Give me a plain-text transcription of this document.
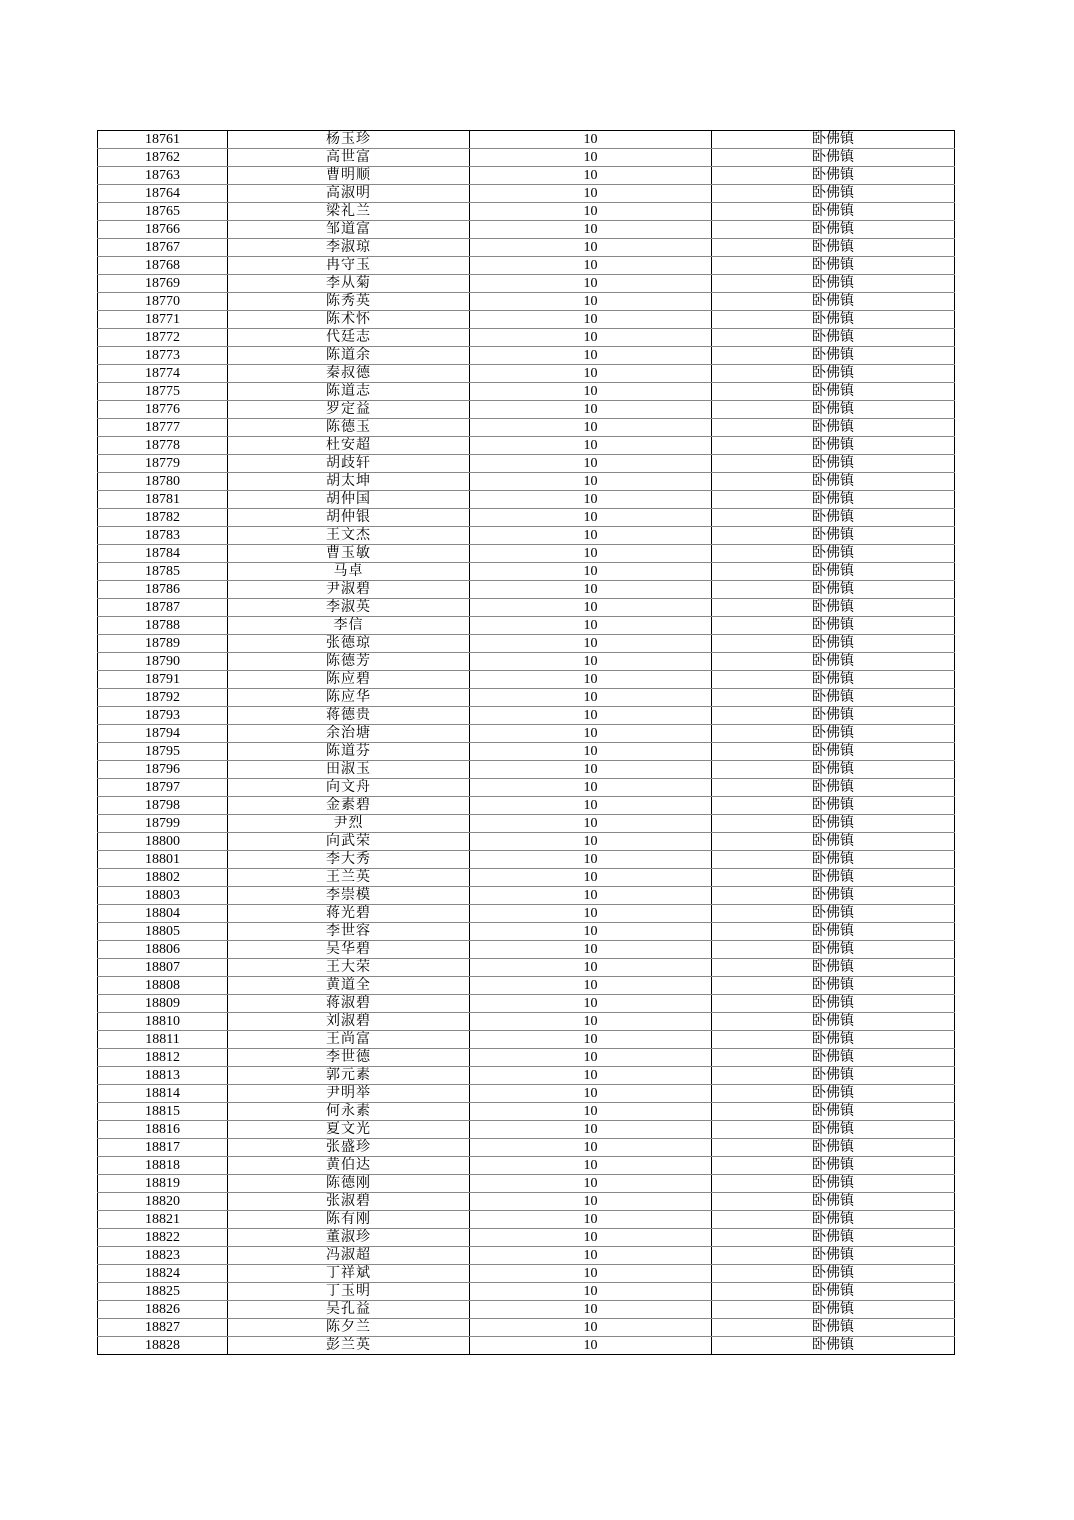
18761	杨玉珍	10	卧佛镇
18762	高世富	10	卧佛镇
18763	曹明顺	10	卧佛镇
18764	高淑明	10	卧佛镇
18765	梁礼兰	10	卧佛镇
18766	邹道富	10	卧佛镇
18767	李淑琼	10	卧佛镇
18768	冉守玉	10	卧佛镇
18769	李从菊	10	卧佛镇
18770	陈秀英	10	卧佛镇
18771	陈术怀	10	卧佛镇
18772	代廷志	10	卧佛镇
18773	陈道余	10	卧佛镇
18774	秦叔德	10	卧佛镇
18775	陈道志	10	卧佛镇
18776	罗定益	10	卧佛镇
18777	陈德玉	10	卧佛镇
18778	杜安超	10	卧佛镇
18779	胡歧轩	10	卧佛镇
18780	胡太坤	10	卧佛镇
18781	胡仲国	10	卧佛镇
18782	胡仲银	10	卧佛镇
18783	王文杰	10	卧佛镇
18784	曹玉敏	10	卧佛镇
18785	马卓	10	卧佛镇
18786	尹淑碧	10	卧佛镇
18787	李淑英	10	卧佛镇
18788	李信	10	卧佛镇
18789	张德琼	10	卧佛镇
18790	陈德芳	10	卧佛镇
18791	陈应碧	10	卧佛镇
18792	陈应华	10	卧佛镇
18793	蒋德贵	10	卧佛镇
18794	余治塘	10	卧佛镇
18795	陈道芬	10	卧佛镇
18796	田淑玉	10	卧佛镇
18797	向文舟	10	卧佛镇
18798	金素碧	10	卧佛镇
18799	尹烈	10	卧佛镇
18800	向武荣	10	卧佛镇
18801	李大秀	10	卧佛镇
18802	王兰英	10	卧佛镇
18803	李崇模	10	卧佛镇
18804	蒋光碧	10	卧佛镇
18805	李世容	10	卧佛镇
18806	吴华碧	10	卧佛镇
18807	王大荣	10	卧佛镇
18808	黄道全	10	卧佛镇
18809	蒋淑碧	10	卧佛镇
18810	刘淑碧	10	卧佛镇
18811	王尚富	10	卧佛镇
18812	李世德	10	卧佛镇
18813	郭元素	10	卧佛镇
18814	尹明举	10	卧佛镇
18815	何永素	10	卧佛镇
18816	夏文光	10	卧佛镇
18817	张盛珍	10	卧佛镇
18818	黄伯达	10	卧佛镇
18819	陈德刚	10	卧佛镇
18820	张淑碧	10	卧佛镇
18821	陈有刚	10	卧佛镇
18822	董淑珍	10	卧佛镇
18823	冯淑超	10	卧佛镇
18824	丁祥斌	10	卧佛镇
18825	丁玉明	10	卧佛镇
18826	吴孔益	10	卧佛镇
18827	陈夕兰	10	卧佛镇
18828	彭兰英	10	卧佛镇
